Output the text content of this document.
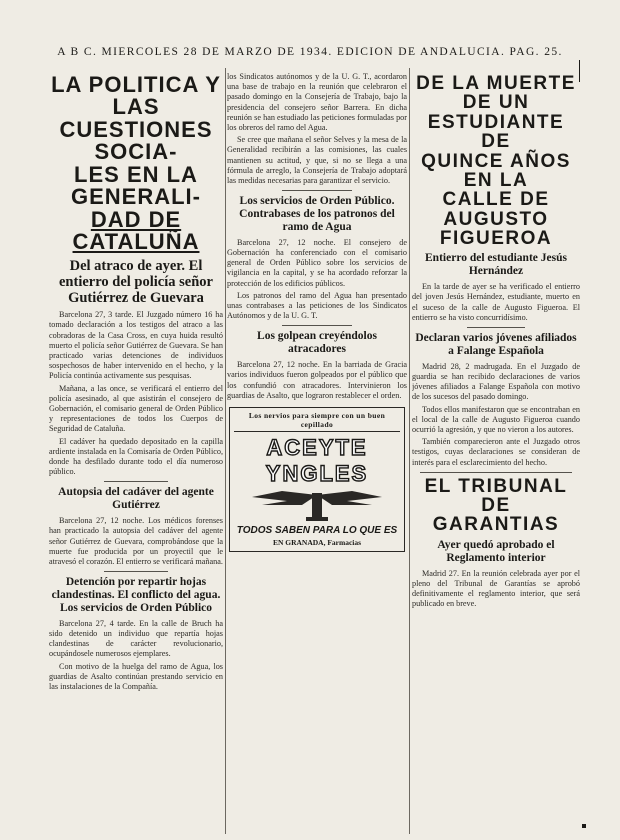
A B C. MIERCOLES 28 DE MARZO DE 1934. EDICION DE ANDALUCIA. PAG. 25.
LA POLITICA Y LAS
CUESTIONES SOCIA-
LES EN LA GENERALI-
DAD DE CATALUÑA
Del atraco de ayer. El entierro del policía señor Gutiérrez de Guevara

Barcelona 27, 3 tarde. El Juzgado número 16 ha tomado declaración a los testigos del atraco a las cobradoras de la Casa Cross, en cuya huida resultó muerto el policía señor Gutiérrez de Guevara. Se han practicado varias detenciones de individuos sospechosos de haber intervenido en el hecho, y la Policía continúa activamente sus pesquisas.

Mañana, a las once, se verificará el entierro del policía asesinado, al que asistirán el consejero de Gobernación, el comisario general de Orden Público y representaciones de todos los Cuerpos de Seguridad de Cataluña.

El cadáver ha quedado depositado en la capilla ardiente instalada en la Comisaría de Orden Público, donde ha desfilado durante todo el día numeroso público.

Autopsia del cadáver del agente Gutiérrez

Barcelona 27, 12 noche. Los médicos forenses han practicado la autopsia del cadáver del agente señor Gutiérrez de Guevara, comprobándose que la muerte fue producida por un proyectil que le atravesó el corazón. El entierro se verificará mañana.

Detención por repartir hojas clandestinas. El conflicto del agua. Los servicios de Orden Público

Barcelona 27, 4 tarde. En la calle de Bruch ha sido detenido un individuo que repartía hojas clandestinas de carácter revolucionario, ocupándosele numerosos ejemplares.

Con motivo de la huelga del ramo de Agua, los guardias de Asalto continúan prestando servicio en las instalaciones de la Compañía.

los Sindicatos autónomos y de la U. G. T., acordaron una base de trabajo en la reunión que celebraron el pasado domingo en la Consejería de Trabajo, bajo la presidencia del consejero señor Barrera. En dicha reunión se han estudiado las peticiones formuladas por los obreros del ramo del Agua.

Se cree que mañana el señor Selves y la mesa de la Generalidad recibirán a las comisiones, las cuales mantienen su actitud, y que, si no se llega a una fórmula de arreglo, la Consejería de Trabajo adoptará las medidas necesarias para garantizar el servicio.

Los servicios de Orden Público. Contrabases de los patronos del ramo de Agua

Barcelona 27, 12 noche. El consejero de Gobernación ha conferenciado con el comisario general de Orden Público sobre los servicios de vigilancia en la capital, y se ha acordado reforzar la protección de los edificios públicos.

Los patronos del ramo del Agua han presentado unas contrabases a las peticiones de los Sindicatos Autónomos y de la U. G. T.

Los golpean creyéndolos atracadores

Barcelona 27, 12 noche. En la barriada de Gracia varios individuos fueron golpeados por el público que los confundió con atracadores. Intervinieron los guardias de Asalto, que lograron restablecer el orden.

Los nervios para siempre con un buen cepillado
ACEYTE YNGLES
TODOS SABEN PARA LO QUE ES
EN GRANADA, Farmacias
DE LA MUERTE DE UN
ESTUDIANTE DE
QUINCE AÑOS EN LA
CALLE DE AUGUSTO
FIGUEROA
Entierro del estudiante Jesús Hernández

En la tarde de ayer se ha verificado el entierro del joven Jesús Hernández, estudiante, muerto en el suceso de la calle de Augusto Figueroa. El entierro se ha visto concurridísimo.

Declaran varios jóvenes afiliados a Falange Española

Madrid 28, 2 madrugada. En el Juzgado de guardia se han recibido declaraciones de varios jóvenes afiliados a Falange Española con motivo de los sucesos del pasado domingo.

Todos ellos manifestaron que se encontraban en el local de la calle de Augusto Figueroa cuando ocurrió la agresión, y que no vieron a los autores.

También comparecieron ante el Juzgado otros testigos, cuyas declaraciones se consideran de interés para el esclarecimiento del hecho.

EL TRIBUNAL DE
GARANTIAS
Ayer quedó aprobado el Reglamento interior

Madrid 27. En la reunión celebrada ayer por el pleno del Tribunal de Garantías se aprobó definitivamente el reglamento interior, que será publicado en breve.
